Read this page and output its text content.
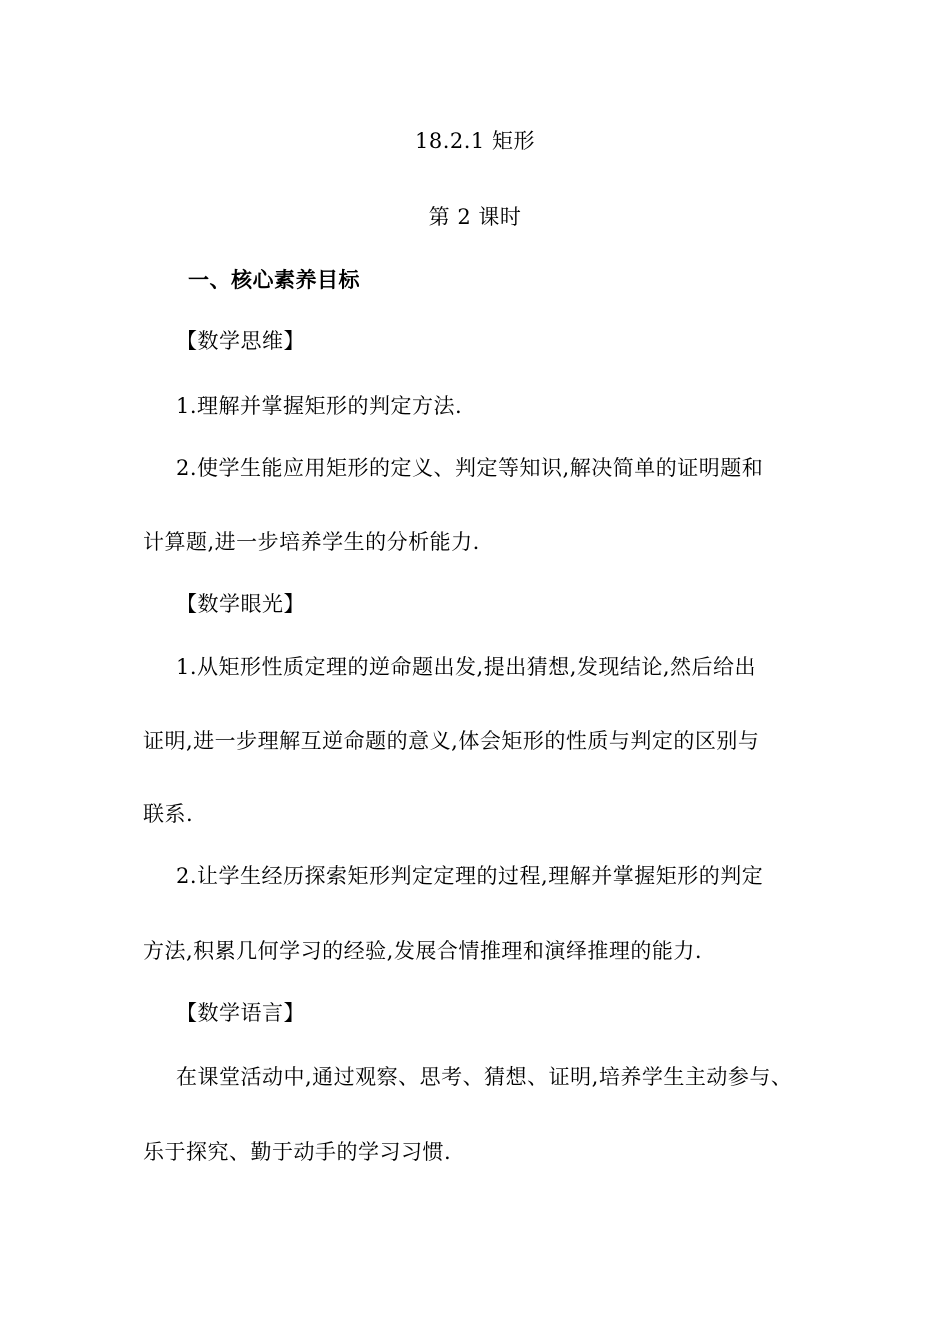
18.2.1 矩形
第 2 课时
一、核心素养目标
【数学思维】
1.理解并掌握矩形的判定方法.
2.使学生能应用矩形的定义、判定等知识,解决简单的证明题和
计算题,进一步培养学生的分析能力.
【数学眼光】
1.从矩形性质定理的逆命题出发,提出猜想,发现结论,然后给出
证明,进一步理解互逆命题的意义,体会矩形的性质与判定的区别与
联系.
2.让学生经历探索矩形判定定理的过程,理解并掌握矩形的判定
方法,积累几何学习的经验,发展合情推理和演绎推理的能力.
【数学语言】
在课堂活动中,通过观察、思考、猜想、证明,培养学生主动参与、
乐于探究、勤于动手的学习习惯.
